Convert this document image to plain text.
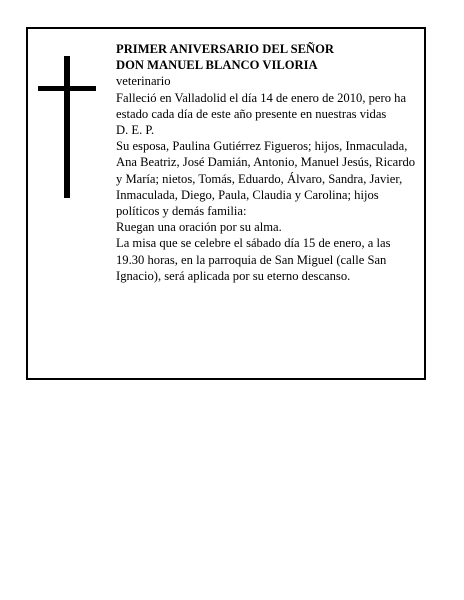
PRIMER ANIVERSARIO DEL SEÑOR

DON MANUEL BLANCO VILORIA

veterinario

Falleció en Valladolid el día 14 de enero de 2010, pero ha estado cada día de este año presente en nuestras vidas

D. E. P.

Su esposa, Paulina Gutiérrez Figueros; hijos, Inmaculada, Ana Beatriz, José Damián, Antonio, Manuel Jesús, Ricardo y María; nietos, Tomás, Eduardo, Álvaro, Sandra, Javier, Inmaculada, Diego, Paula, Claudia y Carolina; hijos políticos y demás familia:

Ruegan una oración por su alma.

La misa que se celebre el sábado día 15 de enero, a las 19.30 horas, en la parroquia de San Miguel (calle San Ignacio), será aplicada por su eterno descanso.
